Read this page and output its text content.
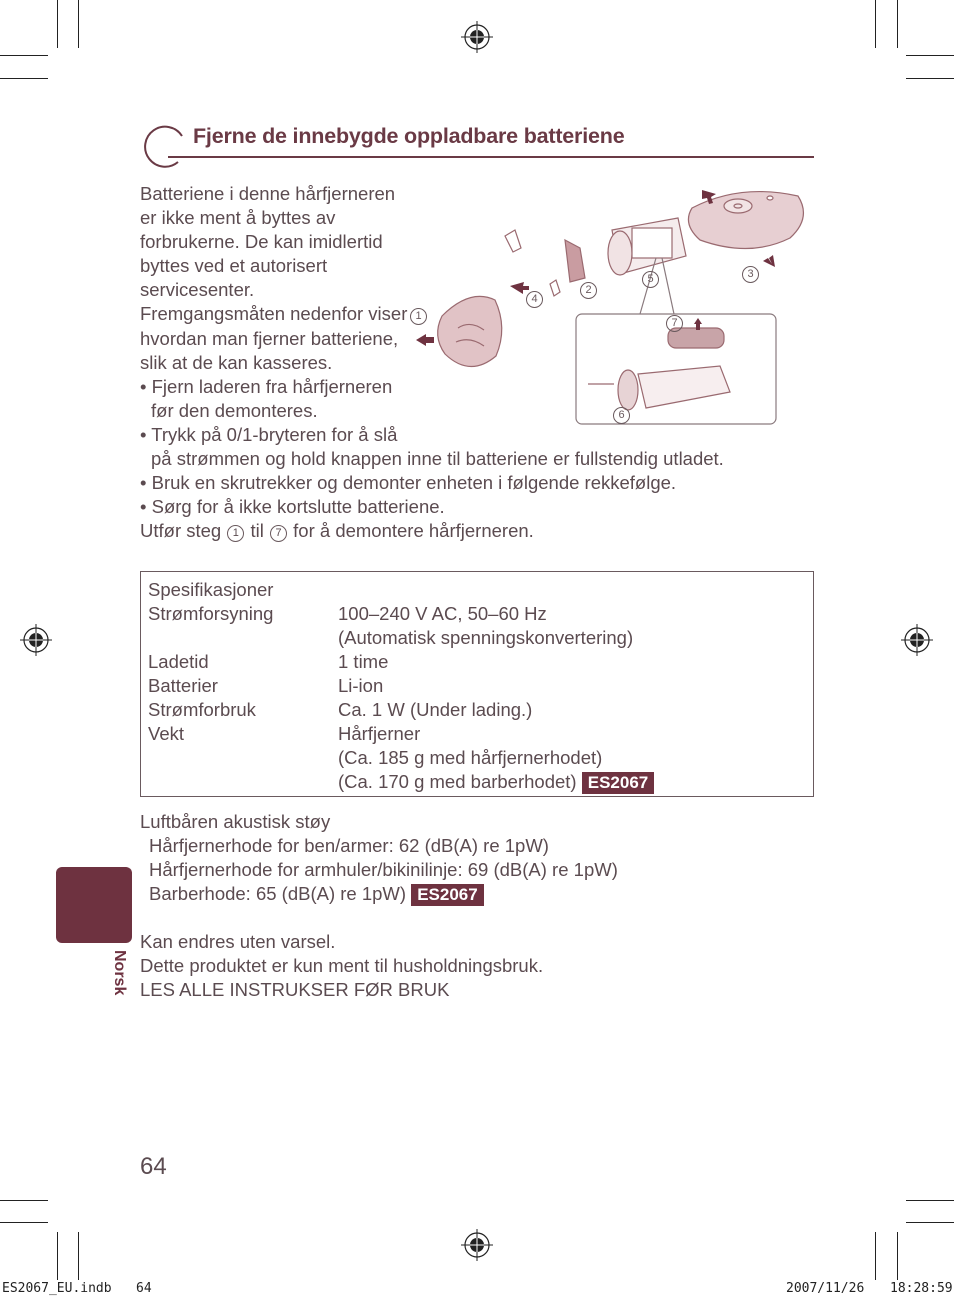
Fjerne de innebygde oppladbare batteriene
Batteriene i denne hårfjerneren
er ikke ment å byttes av
forbrukerne. De kan imidlertid
byttes ved et autorisert
servicesenter.
Fremgangsmåten nedenfor viser
hvordan man fjerner batteriene,
slik at de kan kasseres.
• Fjern laderen fra hårfjerneren
før den demonteres.
• Trykk på 0/1-bryteren for å slå
på strømmen og hold knappen inne til batteriene er fullstendig utladet.
• Bruk en skrutrekker og demonter enheten i følgende rekkefølge.
• Sørg for å ikke kortslutte batteriene.
Utfør steg 1 til 7 for å demontere hårfjerneren.
1
2
3
4
5
6
7
Spesifikasjoner
Strømforsyning	100–240 V AC, 50–60 Hz
(Automatisk spenningskonvertering)
Ladetid	1 time
Batterier	Li-ion
Strømforbruk	Ca. 1 W (Under lading.)
Vekt	Hårfjerner
(Ca. 185 g med hårfjernerhodet)
(Ca. 170 g med barberhodet) ES2067
Luftbåren akustisk støy
Hårfjernerhode for ben/armer: 62 (dB(A) re 1pW)
Hårfjernerhode for armhuler/bikinilinje: 69 (dB(A) re 1pW)
Barberhode: 65 (dB(A) re 1pW) ES2067
Kan endres uten varsel.
Dette produktet er kun ment til husholdningsbruk.
LES ALLE INSTRUKSER FØR BRUK
Norsk
64
ES2067_EU.indb 64	2007/11/26 18:28:59
